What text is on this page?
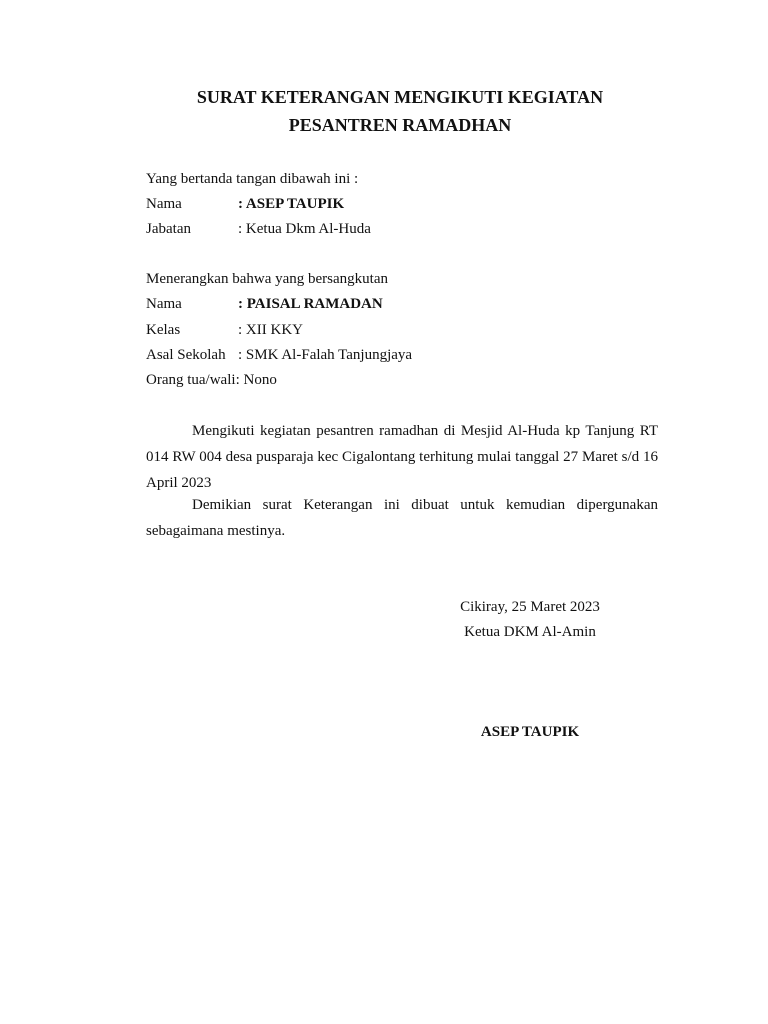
SURAT KETERANGAN MENGIKUTI KEGIATAN
PESANTREN RAMADHAN
Yang bertanda tangan dibawah ini :
Nama	: ASEP TAUPIK
Jabatan	: Ketua Dkm Al-Huda
Menerangkan bahwa yang bersangkutan
Nama	: PAISAL RAMADAN
Kelas	: XII KKY
Asal Sekolah : SMK Al-Falah Tanjungjaya
Orang tua/wali: Nono
Mengikuti kegiatan pesantren ramadhan di Mesjid Al-Huda kp Tanjung RT 014 RW 004 desa pusparaja kec Cigalontang terhitung mulai tanggal 27 Maret s/d 16 April 2023
Demikian surat Keterangan ini dibuat untuk kemudian dipergunakan sebagaimana mestinya.
Cikiray, 25 Maret 2023
Ketua DKM Al-Amin
ASEP TAUPIK
